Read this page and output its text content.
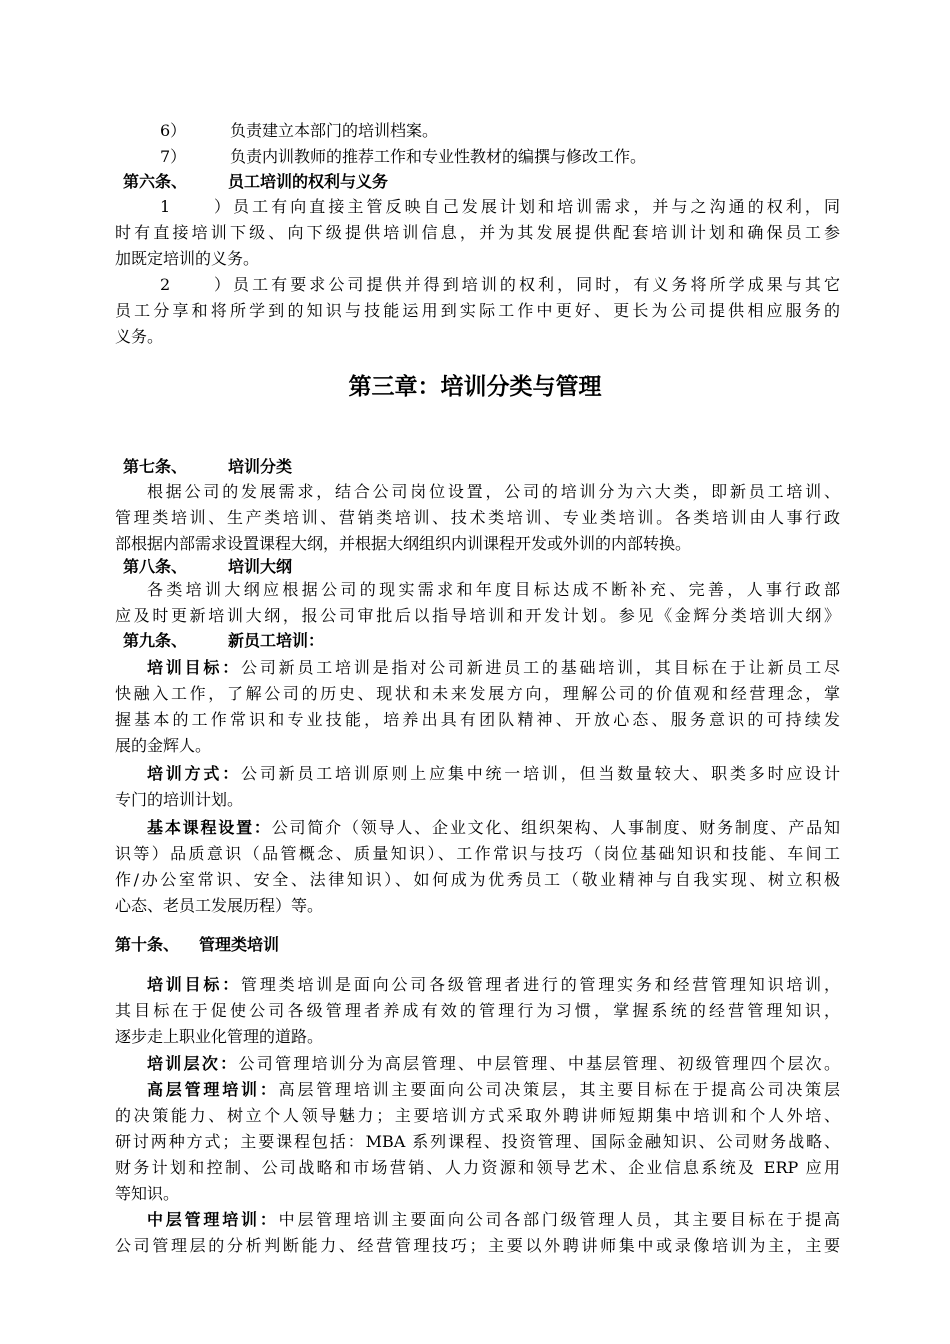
6）	负责建立本部门的培训档案。
7）	负责内训教师的推荐工作和专业性教材的编撰与修改工作。
第六条、	员工培训的权利与义务
1）员工有向直接主管反映自己发展计划和培训需求，并与之沟通的权利，同
时有直接培训下级、向下级提供培训信息，并为其发展提供配套培训计划和确保员工参
加既定培训的义务。
2）员工有要求公司提供并得到培训的权利，同时，有义务将所学成果与其它
员工分享和将所学到的知识与技能运用到实际工作中更好、更长为公司提供相应服务的
义务。
第三章：培训分类与管理
第七条、	培训分类
根据公司的发展需求，结合公司岗位设置，公司的培训分为六大类，即新员工培训、
管理类培训、生产类培训、营销类培训、技术类培训、专业类培训。各类培训由人事行政
部根据内部需求设置课程大纲，并根据大纲组织内训课程开发或外训的内部转换。
第八条、	培训大纲
各类培训大纲应根据公司的现实需求和年度目标达成不断补充、完善，人事行政部
应及时更新培训大纲，报公司审批后以指导培训和开发计划。参见《金辉分类培训大纲》
第九条、	新员工培训：
培训目标：公司新员工培训是指对公司新进员工的基础培训，其目标在于让新员工尽
快融入工作，了解公司的历史、现状和未来发展方向，理解公司的价值观和经营理念，掌
握基本的工作常识和专业技能，培养出具有团队精神、开放心态、服务意识的可持续发
展的金辉人。
培训方式：公司新员工培训原则上应集中统一培训，但当数量较大、职类多时应设计
专门的培训计划。
基本课程设置：公司简介（领导人、企业文化、组织架构、人事制度、财务制度、产品知
识等）品质意识（品管概念、质量知识）、工作常识与技巧（岗位基础知识和技能、车间工
作/办公室常识、安全、法律知识）、如何成为优秀员工（敬业精神与自我实现、树立积极
心态、老员工发展历程）等。
第十条、 管理类培训
培训目标：管理类培训是面向公司各级管理者进行的管理实务和经营管理知识培训，
其目标在于促使公司各级管理者养成有效的管理行为习惯，掌握系统的经营管理知识，
逐步走上职业化管理的道路。
培训层次：公司管理培训分为高层管理、中层管理、中基层管理、初级管理四个层次。
高层管理培训：高层管理培训主要面向公司决策层，其主要目标在于提高公司决策层
的决策能力、树立个人领导魅力；主要培训方式采取外聘讲师短期集中培训和个人外培、
研讨两种方式；主要课程包括：MBA 系列课程、投资管理、国际金融知识、公司财务战略、
财务计划和控制、公司战略和市场营销、人力资源和领导艺术、企业信息系统及 ERP 应用
等知识。
中层管理培训：中层管理培训主要面向公司各部门级管理人员，其主要目标在于提高
公司管理层的分析判断能力、经营管理技巧；主要以外聘讲师集中或录像培训为主，主要
